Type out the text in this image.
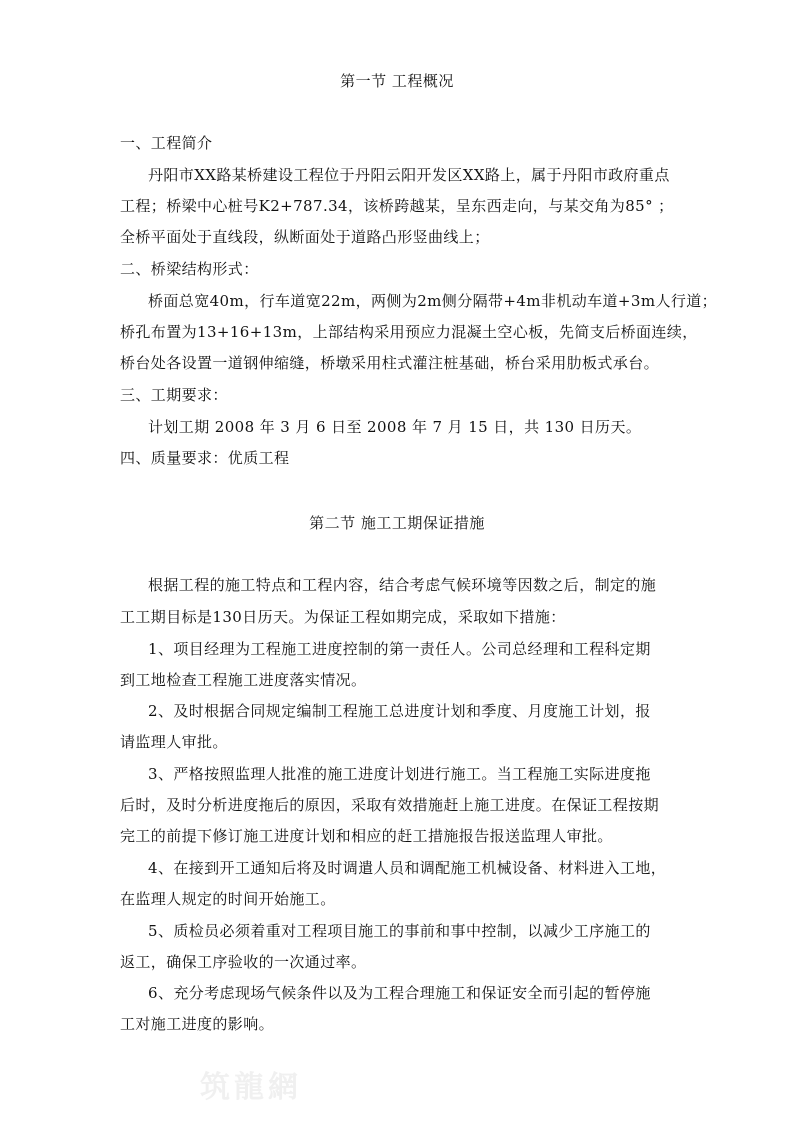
第一节 工程概况
一、工程简介
丹阳市XX路某桥建设工程位于丹阳云阳开发区XX路上，属于丹阳市政府重点
工程；桥梁中心桩号K2+787.34，该桥跨越某，呈东西走向，与某交角为85° ；
全桥平面处于直线段，纵断面处于道路凸形竖曲线上；
二、桥梁结构形式：
桥面总宽40m，行车道宽22m，两侧为2m侧分隔带+4m非机动车道+3m人行道；
桥孔布置为13+16+13m，上部结构采用预应力混凝土空心板，先简支后桥面连续，
桥台处各设置一道钢伸缩缝，桥墩采用柱式灌注桩基础，桥台采用肋板式承台。
三、工期要求：
计划工期 2008 年 3 月 6 日至 2008 年 7 月 15 日，共 130 日历天。
四、质量要求：优质工程
第二节 施工工期保证措施
根据工程的施工特点和工程内容，结合考虑气候环境等因数之后，制定的施
工工期目标是130日历天。为保证工程如期完成，采取如下措施：
1、项目经理为工程施工进度控制的第一责任人。公司总经理和工程科定期
到工地检查工程施工进度落实情况。
2、及时根据合同规定编制工程施工总进度计划和季度、月度施工计划，报
请监理人审批。
3、严格按照监理人批准的施工进度计划进行施工。当工程施工实际进度拖
后时，及时分析进度拖后的原因，采取有效措施赶上施工进度。在保证工程按期
完工的前提下修订施工进度计划和相应的赶工措施报告报送监理人审批。
4、在接到开工通知后将及时调遣人员和调配施工机械设备、材料进入工地，
在监理人规定的时间开始施工。
5、质检员必须着重对工程项目施工的事前和事中控制，以减少工序施工的
返工，确保工序验收的一次通过率。
6、充分考虑现场气候条件以及为工程合理施工和保证安全而引起的暂停施
工对施工进度的影响。
筑龍網
